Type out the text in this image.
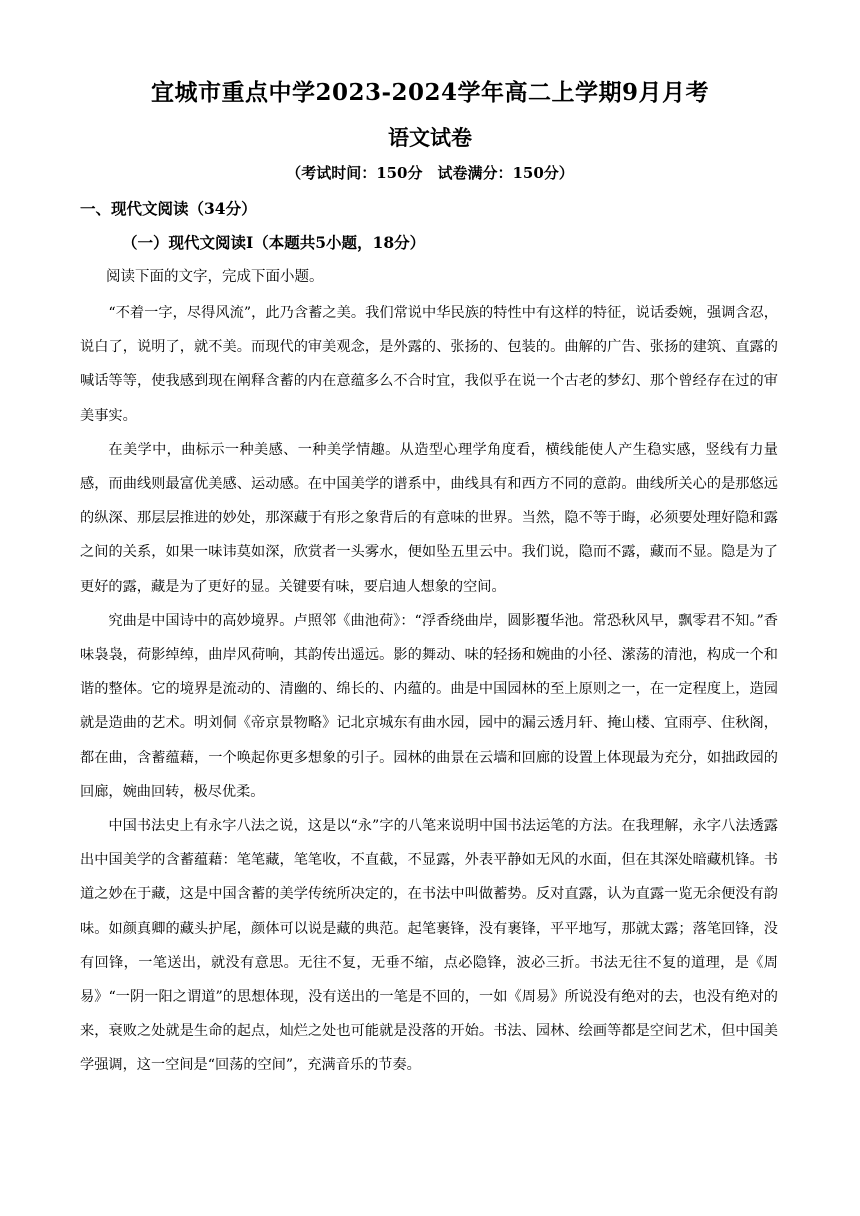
宜城市重点中学2023-2024学年高二上学期9月月考
语文试卷
（考试时间：150分　试卷满分：150分）
一、现代文阅读（34分）
（一）现代文阅读Ⅰ（本题共5小题，18分）
阅读下面的文字，完成下面小题。

“不着一字，尽得风流”，此乃含蓄之美。我们常说中华民族的特性中有这样的特征，说话委婉，强调含忍，说白了，说明了，就不美。而现代的审美观念，是外露的、张扬的、包装的。曲解的广告、张扬的建筑、直露的喊话等等，使我感到现在阐释含蓄的内在意蕴多么不合时宜，我似乎在说一个古老的梦幻、那个曾经存在过的审美事实。

在美学中，曲标示一种美感、一种美学情趣。从造型心理学角度看，横线能使人产生稳实感，竖线有力量感，而曲线则最富优美感、运动感。在中国美学的谱系中，曲线具有和西方不同的意韵。曲线所关心的是那悠远的纵深、那层层推进的妙处，那深藏于有形之象背后的有意味的世界。当然，隐不等于晦，必须要处理好隐和露之间的关系，如果一味讳莫如深，欣赏者一头雾水，便如坠五里云中。我们说，隐而不露，藏而不显。隐是为了更好的露，藏是为了更好的显。关键要有味，要启迪人想象的空间。

究曲是中国诗中的高妙境界。卢照邻《曲池荷》：“浮香绕曲岸，圆影覆华池。常恐秋风早，飘零君不知。”香味袅袅，荷影绰绰，曲岸风荷响，其韵传出遥远。影的舞动、味的轻扬和婉曲的小径、潆荡的清池，构成一个和谐的整体。它的境界是流动的、清幽的、绵长的、内蕴的。曲是中国园林的至上原则之一，在一定程度上，造园就是造曲的艺术。明刘侗《帝京景物略》记北京城东有曲水园，园中的漏云透月轩、掩山楼、宜雨亭、住秋阁，都在曲，含蓄蕴藉，一个唤起你更多想象的引子。园林的曲景在云墙和回廊的设置上体现最为充分，如拙政园的回廊，婉曲回转，极尽优柔。

中国书法史上有永字八法之说，这是以“永”字的八笔来说明中国书法运笔的方法。在我理解，永字八法透露出中国美学的含蓄蕴藉：笔笔藏，笔笔收，不直截，不显露，外表平静如无风的水面，但在其深处暗藏机锋。书道之妙在于藏，这是中国含蓄的美学传统所决定的，在书法中叫做蓄势。反对直露，认为直露一览无余便没有韵味。如颜真卿的藏头护尾，颜体可以说是藏的典范。起笔裹锋，没有裹锋，平平地写，那就太露；落笔回锋，没有回锋，一笔送出，就没有意思。无往不复，无垂不缩，点必隐锋，波必三折。书法无往不复的道理，是《周易》“一阴一阳之谓道”的思想体现，没有送出的一笔是不回的，一如《周易》所说没有绝对的去，也没有绝对的来，衰败之处就是生命的起点，灿烂之处也可能就是没落的开始。书法、园林、绘画等都是空间艺术，但中国美学强调，这一空间是“回荡的空间”，充满音乐的节奏。
